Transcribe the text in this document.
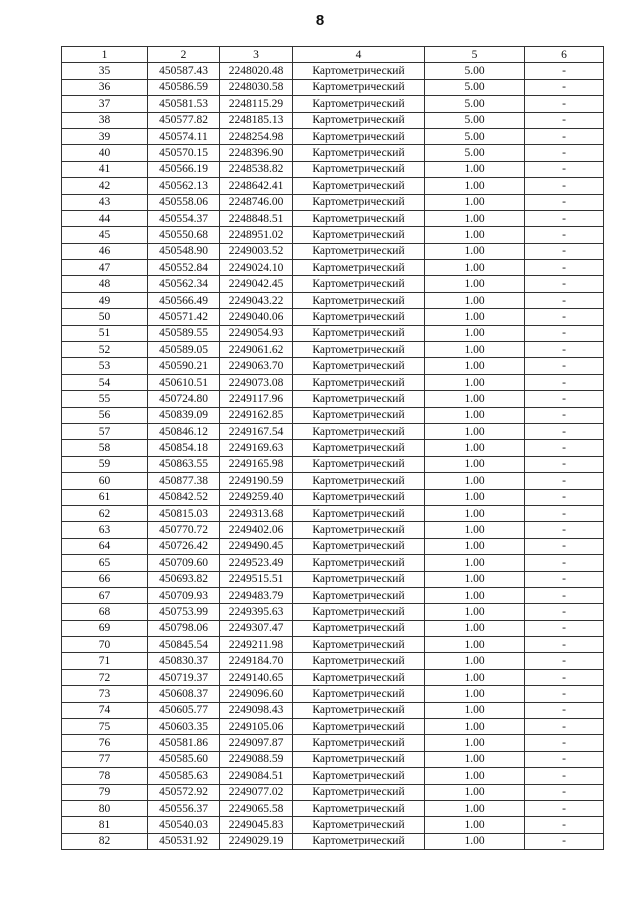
8
1	2	3	4	5	6
35	450587.43	2248020.48	Картометрический	5.00	-
36	450586.59	2248030.58	Картометрический	5.00	-
37	450581.53	2248115.29	Картометрический	5.00	-
38	450577.82	2248185.13	Картометрический	5.00	-
39	450574.11	2248254.98	Картометрический	5.00	-
40	450570.15	2248396.90	Картометрический	5.00	-
41	450566.19	2248538.82	Картометрический	1.00	-
42	450562.13	2248642.41	Картометрический	1.00	-
43	450558.06	2248746.00	Картометрический	1.00	-
44	450554.37	2248848.51	Картометрический	1.00	-
45	450550.68	2248951.02	Картометрический	1.00	-
46	450548.90	2249003.52	Картометрический	1.00	-
47	450552.84	2249024.10	Картометрический	1.00	-
48	450562.34	2249042.45	Картометрический	1.00	-
49	450566.49	2249043.22	Картометрический	1.00	-
50	450571.42	2249040.06	Картометрический	1.00	-
51	450589.55	2249054.93	Картометрический	1.00	-
52	450589.05	2249061.62	Картометрический	1.00	-
53	450590.21	2249063.70	Картометрический	1.00	-
54	450610.51	2249073.08	Картометрический	1.00	-
55	450724.80	2249117.96	Картометрический	1.00	-
56	450839.09	2249162.85	Картометрический	1.00	-
57	450846.12	2249167.54	Картометрический	1.00	-
58	450854.18	2249169.63	Картометрический	1.00	-
59	450863.55	2249165.98	Картометрический	1.00	-
60	450877.38	2249190.59	Картометрический	1.00	-
61	450842.52	2249259.40	Картометрический	1.00	-
62	450815.03	2249313.68	Картометрический	1.00	-
63	450770.72	2249402.06	Картометрический	1.00	-
64	450726.42	2249490.45	Картометрический	1.00	-
65	450709.60	2249523.49	Картометрический	1.00	-
66	450693.82	2249515.51	Картометрический	1.00	-
67	450709.93	2249483.79	Картометрический	1.00	-
68	450753.99	2249395.63	Картометрический	1.00	-
69	450798.06	2249307.47	Картометрический	1.00	-
70	450845.54	2249211.98	Картометрический	1.00	-
71	450830.37	2249184.70	Картометрический	1.00	-
72	450719.37	2249140.65	Картометрический	1.00	-
73	450608.37	2249096.60	Картометрический	1.00	-
74	450605.77	2249098.43	Картометрический	1.00	-
75	450603.35	2249105.06	Картометрический	1.00	-
76	450581.86	2249097.87	Картометрический	1.00	-
77	450585.60	2249088.59	Картометрический	1.00	-
78	450585.63	2249084.51	Картометрический	1.00	-
79	450572.92	2249077.02	Картометрический	1.00	-
80	450556.37	2249065.58	Картометрический	1.00	-
81	450540.03	2249045.83	Картометрический	1.00	-
82	450531.92	2249029.19	Картометрический	1.00	-
